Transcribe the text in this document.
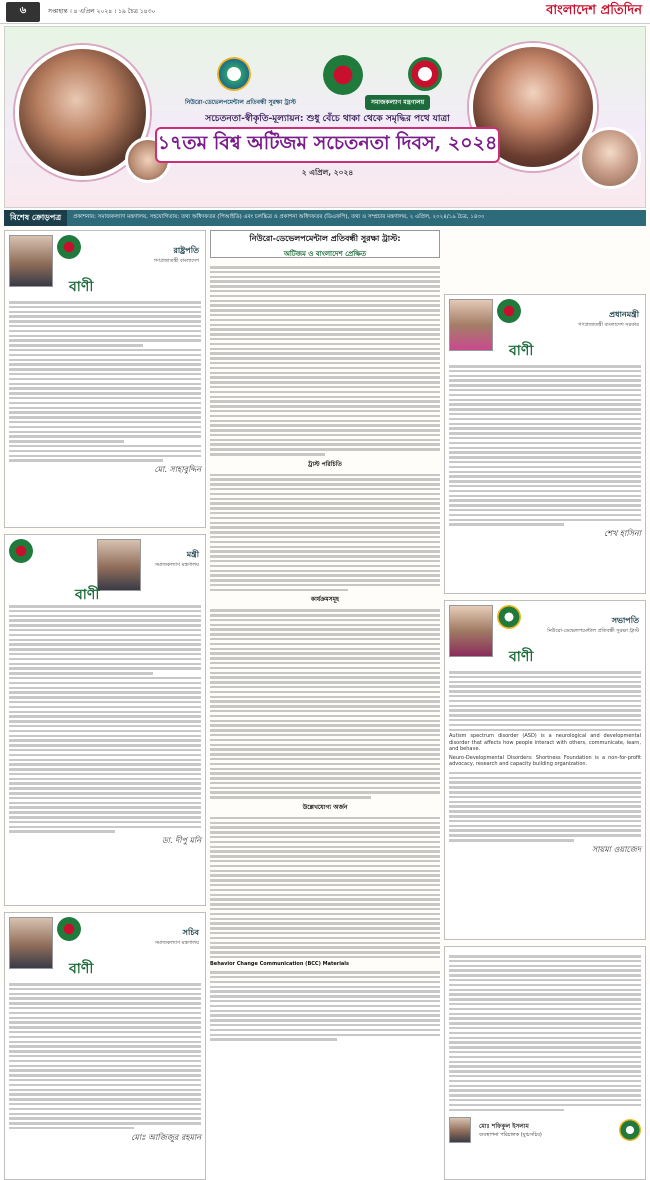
৬	সপ্তাহান্ত । ৪ এপ্রিল ২০২৪ । ১৯ চৈত্র ১৪৩০	বাংলাদেশ প্রতিদিন
নিউরো-ডেভেলপমেন্টাল প্রতিবন্ধী সুরক্ষা ট্রাস্ট	সমাজকল্যাণ মন্ত্রণালয়
সচেতনতা-স্বীকৃতি-মূল্যায়ন: শুধু বেঁচে থাকা থেকে সমৃদ্ধির পথে যাত্রা
১৭তম বিশ্ব অটিজম সচেতনতা দিবস, ২০২৪
২ এপ্রিল, ২০২৪
বিশেষ ক্রোড়পত্র	প্রকাশনায়: সমাজকল্যাণ মন্ত্রণালয়, সহযোগিতায়: তথ্য অধিদফতর (পিআইডি) এবং চলচ্চিত্র ও প্রকাশনা অধিদফতর (ডিএফপি), তথ্য ও সম্প্রচার মন্ত্রণালয়, ২ এপ্রিল, ২০২৪/১৯ চৈত্র, ১৪৩০
রাষ্ট্রপতি
গণপ্রজাতন্ত্রী বাংলাদেশ
বাণী
মো. সাহাবুদ্দিন
মন্ত্রী
সমাজকল্যাণ মন্ত্রণালয়
বাণী
ডা. দীপু মনি
সচিব
সমাজকল্যাণ মন্ত্রণালয়
বাণী
মোঃ আজিজুর রহমান
নিউরো-ডেভেলপমেন্টাল প্রতিবন্ধী সুরক্ষা ট্রাস্ট:
অটিজম ও বাংলাদেশ প্রেক্ষিত
ট্রাস্ট পরিচিতি
কার্যক্রমসমূহ
উল্লেখযোগ্য অর্জন
Behavior Change Communication (BCC) Materials
প্রধানমন্ত্রী
গণপ্রজাতন্ত্রী বাংলাদেশ সরকার
বাণী
শেখ হাসিনা
সভাপতি
নিউরো-ডেভেলপমেন্টাল প্রতিবন্ধী সুরক্ষা ট্রাস্ট
বাণী
Autism spectrum disorder (ASD) is a neurological and developmental disorder that affects how people interact with others, communicate, learn, and behave.
Neuro-Developmental Disorders: Shortness Foundation is a non-for-profit advocacy, research and capacity building organization.
সায়মা ওয়াজেদ
মোঃ শফিকুল ইসলাম
ব্যবস্থাপনা পরিচালক (যুগ্মসচিব)
